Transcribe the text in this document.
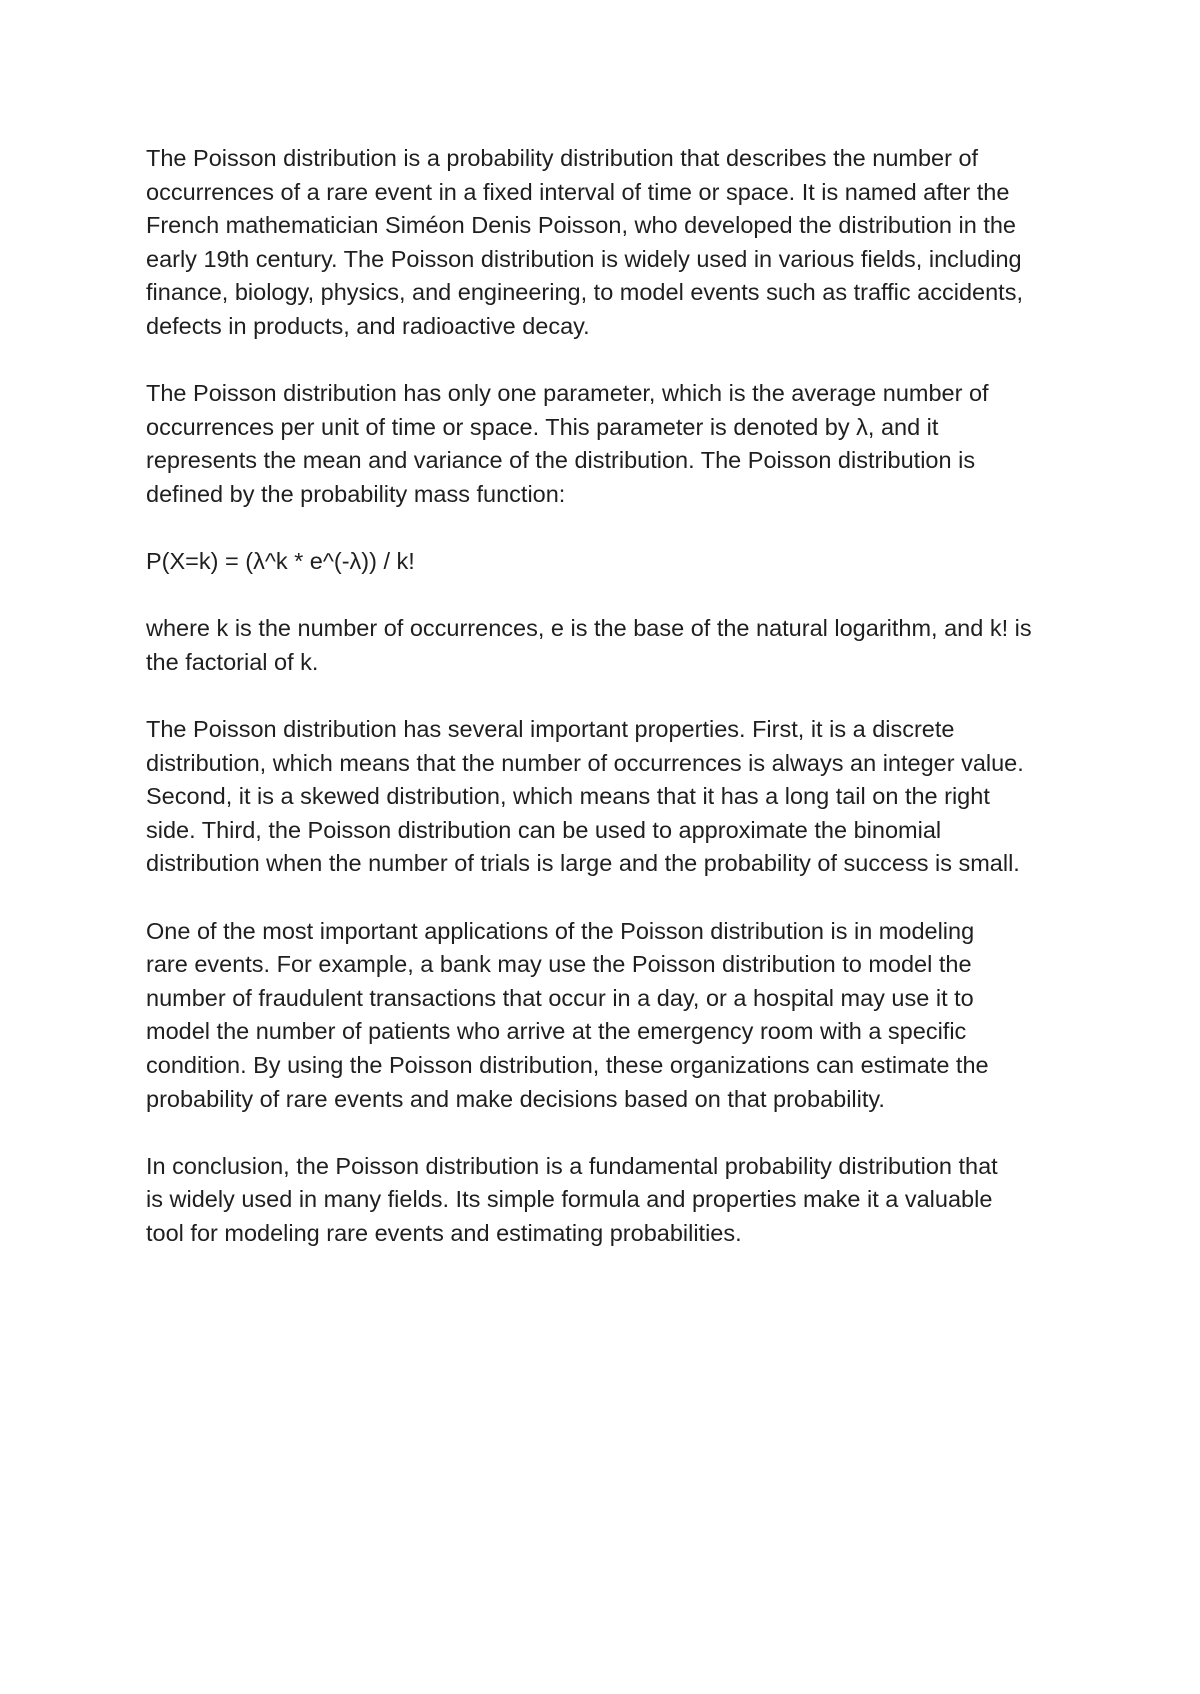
The Poisson distribution is a probability distribution that describes the number of
occurrences of a rare event in a fixed interval of time or space. It is named after the
French mathematician Siméon Denis Poisson, who developed the distribution in the
early 19th century. The Poisson distribution is widely used in various fields, including
finance, biology, physics, and engineering, to model events such as traffic accidents,
defects in products, and radioactive decay.

The Poisson distribution has only one parameter, which is the average number of
occurrences per unit of time or space. This parameter is denoted by λ, and it
represents the mean and variance of the distribution. The Poisson distribution is
defined by the probability mass function:

P(X=k) = (λ^k * e^(-λ)) / k!

where k is the number of occurrences, e is the base of the natural logarithm, and k! is
the factorial of k.

The Poisson distribution has several important properties. First, it is a discrete
distribution, which means that the number of occurrences is always an integer value.
Second, it is a skewed distribution, which means that it has a long tail on the right
side. Third, the Poisson distribution can be used to approximate the binomial
distribution when the number of trials is large and the probability of success is small.

One of the most important applications of the Poisson distribution is in modeling
rare events. For example, a bank may use the Poisson distribution to model the
number of fraudulent transactions that occur in a day, or a hospital may use it to
model the number of patients who arrive at the emergency room with a specific
condition. By using the Poisson distribution, these organizations can estimate the
probability of rare events and make decisions based on that probability.

In conclusion, the Poisson distribution is a fundamental probability distribution that
is widely used in many fields. Its simple formula and properties make it a valuable
tool for modeling rare events and estimating probabilities.
